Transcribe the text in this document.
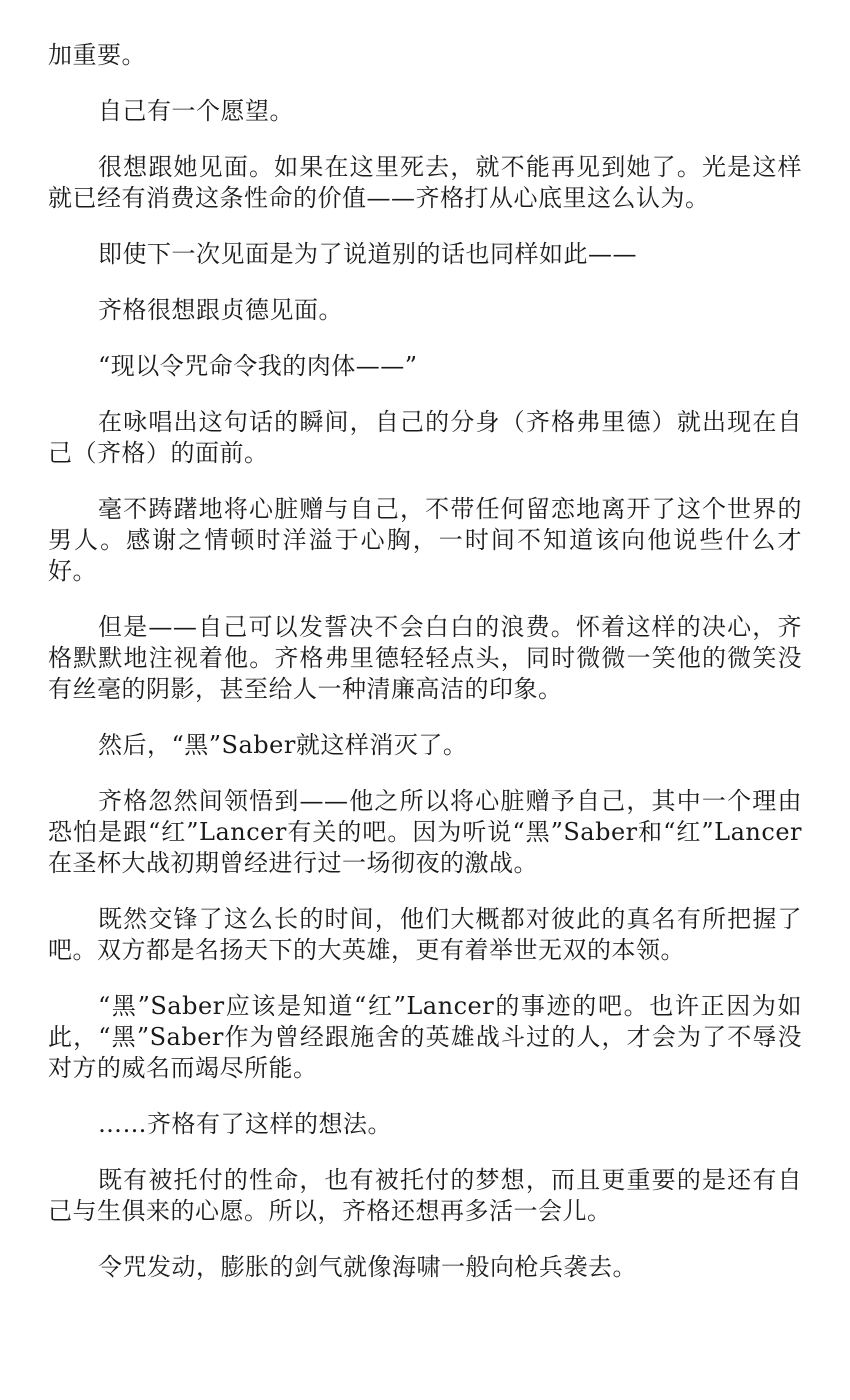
加重要。

自己有一个愿望。

很想跟她见面。如果在这里死去，就不能再见到她了。光是这样就已经有消费这条性命的价值——齐格打从心底里这么认为。

即使下一次见面是为了说道别的话也同样如此——

齐格很想跟贞德见面。

“现以令咒命令我的肉体——”

在咏唱出这句话的瞬间，自己的分身（齐格弗里德）就出现在自己（齐格）的面前。

毫不踌躇地将心脏赠与自己，不带任何留恋地离开了这个世界的男人。感谢之情顿时洋溢于心胸，一时间不知道该向他说些什么才好。

但是——自己可以发誓决不会白白的浪费。怀着这样的决心，齐格默默地注视着他。齐格弗里德轻轻点头，同时微微一笑他的微笑没有丝毫的阴影，甚至给人一种清廉高洁的印象。

然后，“黑”Saber就这样消灭了。

齐格忽然间领悟到——他之所以将心脏赠予自己，其中一个理由恐怕是跟“红”Lancer有关的吧。因为听说“黑”Saber和“红”Lancer在圣杯大战初期曾经进行过一场彻夜的激战。

既然交锋了这么长的时间，他们大概都对彼此的真名有所把握了吧。双方都是名扬天下的大英雄，更有着举世无双的本领。

“黑”Saber应该是知道“红”Lancer的事迹的吧。也许正因为如此，“黑”Saber作为曾经跟施舍的英雄战斗过的人，才会为了不辱没对方的威名而竭尽所能。

……齐格有了这样的想法。

既有被托付的性命，也有被托付的梦想，而且更重要的是还有自己与生俱来的心愿。所以，齐格还想再多活一会儿。

令咒发动，膨胀的剑气就像海啸一般向枪兵袭去。
